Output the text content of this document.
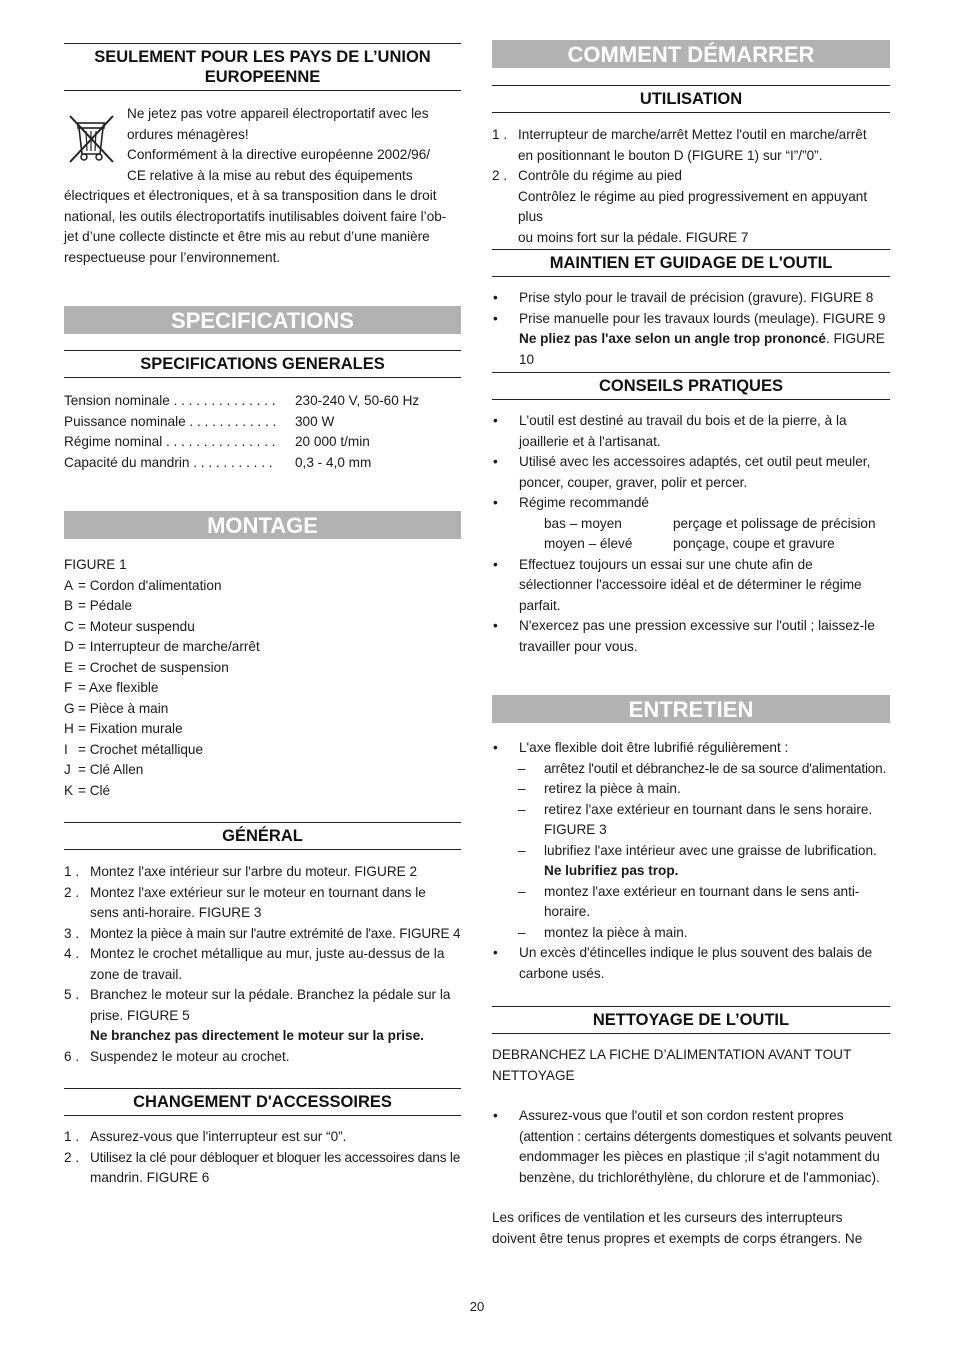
SEULEMENT POUR LES PAYS DE L’UNION
EUROPEENNE

Ne jetez pas votre appareil électroportatif avec les

ordures ménagères!

Conformément à la directive européenne 2002/96/

CE relative à la mise au rebut des équipements

électriques et électroniques, et à sa transposition dans le droit

national, les outils électroportatifs inutilisables doivent faire l’ob-

jet d’une collecte distincte et être mis au rebut d’une manière

respectueuse pour l’environnement.

SPECIFICATIONS
SPECIFICATIONS GENERALES
Tension nominale . . . . . . . . . . . . . .	230-240 V, 50-60 Hz
Puissance nominale . . . . . . . . . . . .	300 W
Régime nominal . . . . . . . . . . . . . . .	20 000 t/min
Capacité du mandrin . . . . . . . . . . .	0,3 - 4,0 mm
MONTAGE

FIGURE 1

A = Cordon d'alimentation
B = Pédale
C = Moteur suspendu
D = Interrupteur de marche/arrêt
E = Crochet de suspension
F = Axe flexible
G = Pièce à main
H = Fixation murale
I = Crochet métallique
J = Clé Allen
K = Clé
GÉNÉRAL
1 . Montez l'axe intérieur sur l'arbre du moteur. FIGURE 2

2 . Montez l'axe extérieur sur le moteur en tournant dans le

sens anti-horaire. FIGURE 3

3 . Montez la pièce à main sur l'autre extrémité de l'axe. FIGURE 4

4 . Montez le crochet métallique au mur, juste au-dessus de la

zone de travail.

5 . Branchez le moteur sur la pédale. Branchez la pédale sur la

prise. FIGURE 5

Ne branchez pas directement le moteur sur la prise.

6 . Suspendez le moteur au crochet.

CHANGEMENT D'ACCESSOIRES
1 . Assurez-vous que l'interrupteur est sur “0”.

2 . Utilisez la clé pour débloquer et bloquer les accessoires dans le

mandrin. FIGURE 6

COMMENT DÉMARRER
UTILISATION
1 . Interrupteur de marche/arrêt Mettez l'outil en marche/arrêt

en positionnant le bouton D (FIGURE 1) sur “I”/”0”.

2 . Contrôle du régime au pied

Contrôlez le régime au pied progressivement en appuyant plus

ou moins fort sur la pédale. FIGURE 7

MAINTIEN ET GUIDAGE DE L'OUTIL
•	Prise stylo pour le travail de précision (gravure). FIGURE 8

•	Prise manuelle pour les travaux lourds (meulage). FIGURE 9

Ne pliez pas l'axe selon un angle trop prononcé. FIGURE 10

CONSEILS PRATIQUES
•	L'outil est destiné au travail du bois et de la pierre, à la

joaillerie et à l'artisanat.

•	Utilisé avec les accessoires adaptés, cet outil peut meuler,

poncer, couper, graver, polir et percer.

•	Régime recommandé

bas – moyen	perçage et polissage de précision
moyen – élevé	ponçage, coupe et gravure
•	Effectuez toujours un essai sur une chute afin de

sélectionner l'accessoire idéal et de déterminer le régime

parfait.

•	N'exercez pas une pression excessive sur l'outil ; laissez-le

travailler pour vous.

ENTRETIEN
•	L'axe flexible doit être lubrifié régulièrement :

–	arrêtez l'outil et débranchez-le de sa source d'alimentation.

–	retirez la pièce à main.

–	retirez l'axe extérieur en tournant dans le sens horaire.

FIGURE 3

–	lubrifiez l'axe intérieur avec une graisse de lubrification.

Ne lubrifiez pas trop.

–	montez l'axe extérieur en tournant dans le sens anti-

horaire.

–	montez la pièce à main.

•	Un excès d'étincelles indique le plus souvent des balais de

carbone usés.

NETTOYAGE DE L’OUTIL

DEBRANCHEZ LA FICHE D’ALIMENTATION AVANT TOUT

NETTOYAGE

•	Assurez-vous que l'outil et son cordon restent propres

(attention : certains détergents domestiques et solvants peuvent

endommager les pièces en plastique ;il s'agit notamment du

benzène, du trichloréthylène, du chlorure et de l'ammoniac).

Les orifices de ventilation et les curseurs des interrupteurs

doivent être tenus propres et exempts de corps étrangers. Ne

20
